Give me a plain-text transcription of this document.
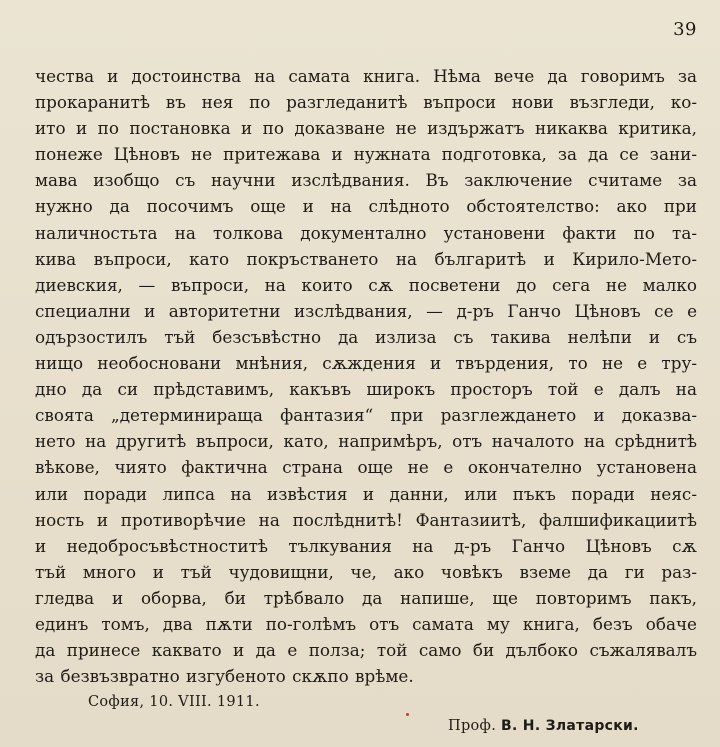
39
чества и достоинства на самата книга. Нѣма вече да говоримъ за
прокаранитѣ въ нея по разгледанитѣ въпроси нови възгледи, ко-
ито и по постановка и по доказване не издържатъ никаква критика,
понеже Цѣновъ не притежава и нужната подготовка, за да се зани-
мава изобщо съ научни изслѣдвания. Въ заключение считаме за
нужно да посочимъ още и на слѣдното обстоятелство: ако при
наличностьта на толкова документално установени факти по та-
кива въпроси, като покръстването на българитѣ и Кирило-Мето-
диевския, — въпроси, на които сѫ посветени до сега не малко
специални и авторитетни изслѣдвания, — д-ръ Ганчо Цѣновъ се е
одързостилъ тъй безсъвѣстно да излиза съ такива нелѣпи и съ
нищо необосновани мнѣния, сѫждения и твърдения, то не е тру-
дно да си прѣдставимъ, какъвъ широкъ просторъ той е далъ на
своята „детерминираща фантазия“ при разглеждането и доказва-
нето на другитѣ въпроси, като, напримѣръ, отъ началото на срѣднитѣ
вѣкове, чиято фактична страна още не е окончателно установена
или поради липса на извѣстия и данни, или пъкъ поради неяс-
ность и противорѣчие на послѣднитѣ! Фантазиитѣ, фалшификациитѣ
и недобросъвѣстноститѣ тълкувания на д-ръ Ганчо Цѣновъ сѫ
тъй много и тъй чудовищни, че, ако човѣкъ вземе да ги раз-
глeдва и оборва, би трѣбвало да напише, ще повторимъ пакъ,
единъ томъ, два пѫти по-голѣмъ отъ самата му книга, безъ обаче
да принесе каквато и да е полза; той само би дълбоко съжалявалъ
за безвъзвратно изгубеното скѫпо врѣме.
София, 10. VIII. 1911.
Проф. В. Н. Златарски.
